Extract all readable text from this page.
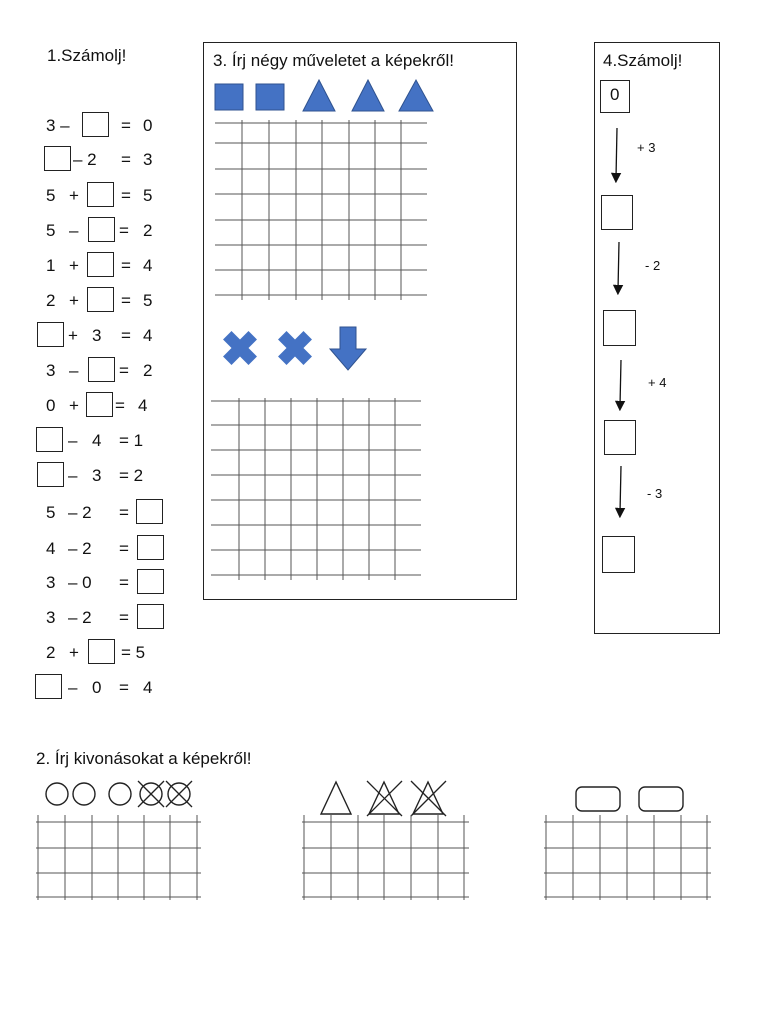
1.Számolj!
3 –	= 0
– 2 = 3
5 + = 5
5 – = 2
1 + = 4
2 + = 5
+ 3 = 4
3 – = 2
0 + = 4
– 4 = 1
– 3 = 2
5 – 2 =
4 – 2 =
3 – 0 =
3 – 2 =
2 + = 5
– 0 = 4
3. Írj négy műveletet a képekről!	4.Számolj!
0
+ 3
- 2
+ 4
- 3
2. Írj kivonásokat a képekről!
